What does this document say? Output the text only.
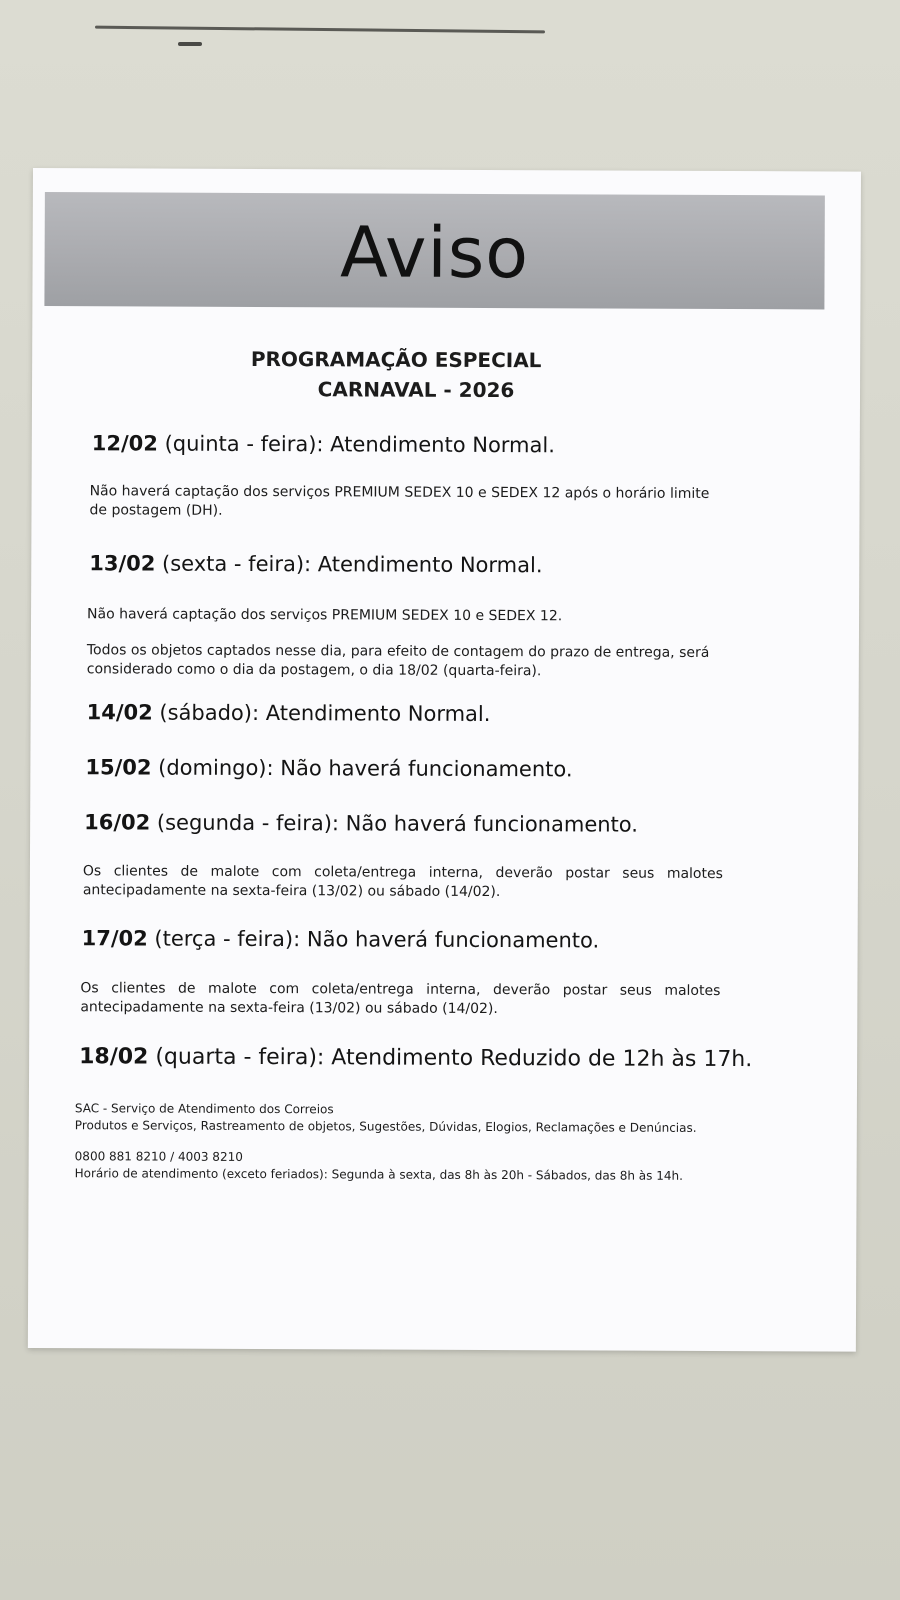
Aviso
PROGRAMAÇÃO ESPECIAL
CARNAVAL - 2026
12/02 (quinta - feira): Atendimento Normal.
Não haverá captação dos serviços PREMIUM SEDEX 10 e SEDEX 12 após o horário limite de postagem (DH).
13/02 (sexta - feira): Atendimento Normal.
Não haverá captação dos serviços PREMIUM SEDEX 10 e SEDEX 12.
Todos os objetos captados nesse dia, para efeito de contagem do prazo de entrega, será considerado como o dia da postagem, o dia 18/02 (quarta-feira).
14/02 (sábado): Atendimento Normal.
15/02 (domingo): Não haverá funcionamento.
16/02 (segunda - feira): Não haverá funcionamento.
Os clientes de malote com coleta/entrega interna, deverão postar seus malotes antecipadamente na sexta-feira (13/02) ou sábado (14/02).
17/02 (terça - feira): Não haverá funcionamento.
Os clientes de malote com coleta/entrega interna, deverão postar seus malotes antecipadamente na sexta-feira (13/02) ou sábado (14/02).
18/02 (quarta - feira): Atendimento Reduzido de 12h às 17h.
SAC - Serviço de Atendimento dos Correios
Produtos e Serviços, Rastreamento de objetos, Sugestões, Dúvidas, Elogios, Reclamações e Denúncias.
0800 881 8210 / 4003 8210
Horário de atendimento (exceto feriados): Segunda à sexta, das 8h às 20h - Sábados, das 8h às 14h.
